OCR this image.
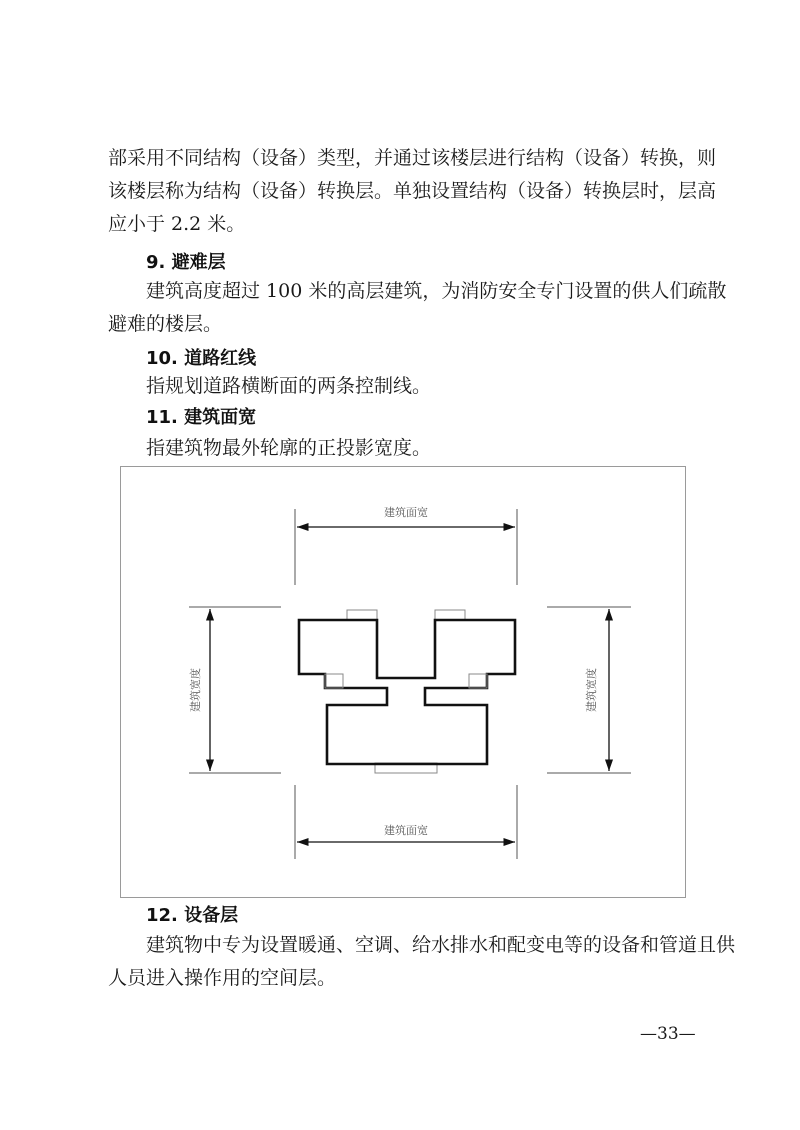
部采用不同结构（设备）类型，并通过该楼层进行结构（设备）转换，则
该楼层称为结构（设备）转换层。单独设置结构（设备）转换层时，层高
应小于 2.2 米。
9. 避难层
建筑高度超过 100 米的高层建筑，为消防安全专门设置的供人们疏散
避难的楼层。
10. 道路红线
指规划道路横断面的两条控制线。
11. 建筑面宽
指建筑物最外轮廓的正投影宽度。
建筑面宽
建筑面宽
建筑宽度	建筑宽度
12. 设备层
建筑物中专为设置暖通、空调、给水排水和配变电等的设备和管道且供
人员进入操作用的空间层。
—33—
